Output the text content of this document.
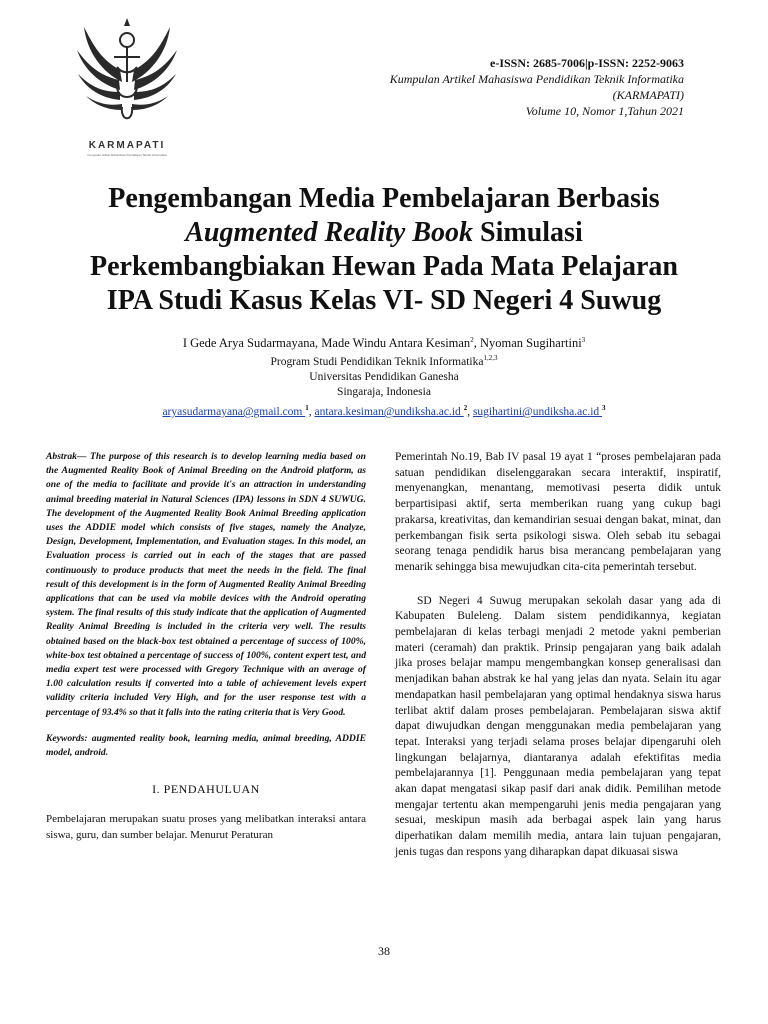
KARMAPATI
Kumpulan Artikel Mahasiswa Pendidikan Teknik Informatika
e-ISSN: 2685-7006|p-ISSN: 2252-9063
Kumpulan Artikel Mahasiswa Pendidikan Teknik Informatika
(KARMAPATI)
Volume 10, Nomor 1,Tahun 2021
Pengembangan Media Pembelajaran Berbasis
Augmented Reality Book Simulasi
Perkembangbiakan Hewan Pada Mata Pelajaran
IPA Studi Kasus Kelas VI- SD Negeri 4 Suwug
I Gede Arya Sudarmayana, Made Windu Antara Kesiman$^2$, Nyoman Sugihartini$^3$
Program Studi Pendidikan Teknik Informatika$^{1,2,3}$
Universitas Pendidikan Ganesha
Singaraja, Indonesia
aryasudarmayana@gmail.com $^1$, antara.kesiman@undiksha.ac.id $^2$, sugihartini@undiksha.ac.id $^3$

Abstrak— The purpose of this research is to develop learning media based on the Augmented Reality Book of Animal Breeding on the Android platform, as one of the media to facilitate and provide it's an attraction in understanding animal breeding material in Natural Sciences (IPA) lessons in SDN 4 SUWUG. The development of the Augmented Reality Book Animal Breeding application uses the ADDIE model which consists of five stages, namely the Analyze, Design, Development, Implementation, and Evaluation stages. In this model, an Evaluation process is carried out in each of the stages that are passed continuously to produce products that meet the needs in the field. The final result of this development is in the form of Augmented Reality Animal Breeding applications that can be used via mobile devices with the Android operating system. The final results of this study indicate that the application of Augmented Reality Animal Breeding is included in the criteria very well. The results obtained based on the black-box test obtained a percentage of success of 100%, white-box test obtained a percentage of success of 100%, content expert test, and media expert test were processed with Gregory Technique with an average of 1.00 calculation results if converted into a table of achievement levels expert validity criteria included Very High, and for the user response test with a percentage of 93.4% so that it falls into the rating criteria that is Very Good.

Keywords: augmented reality book, learning media, animal breeding, ADDIE model, android.

I. PENDAHULUAN

Pembelajaran merupakan suatu proses yang melibatkan interaksi antara siswa, guru, dan sumber belajar. Menurut Peraturan

Pemerintah No.19, Bab IV pasal 19 ayat 1 “proses pembelajaran pada satuan pendidikan diselenggarakan secara interaktif, inspiratif, menyenangkan, menantang, memotivasi peserta didik untuk berpartisipasi aktif, serta memberikan ruang yang cukup bagi prakarsa, kreativitas, dan kemandirian sesuai dengan bakat, minat, dan perkembangan fisik serta psikologi siswa. Oleh sebab itu sebagai seorang tenaga pendidik harus bisa merancang pembelajaran yang menarik sehingga bisa mewujudkan cita-cita pemerintah tersebut.

SD Negeri 4 Suwug merupakan sekolah dasar yang ada di Kabupaten Buleleng. Dalam sistem pendidikannya, kegiatan pembelajaran di kelas terbagi menjadi 2 metode yakni pemberian materi (ceramah) dan praktik. Prinsip pengajaran yang baik adalah jika proses belajar mampu mengembangkan konsep generalisasi dan menjadikan bahan abstrak ke hal yang jelas dan nyata. Selain itu agar mendapatkan hasil pembelajaran yang optimal hendaknya siswa harus terlibat aktif dalam proses pembelajaran. Pembelajaran siswa aktif dapat diwujudkan dengan menggunakan media pembelajaran yang tepat. Interaksi yang terjadi selama proses belajar dipengaruhi oleh lingkungan belajarnya, diantaranya adalah efektifitas media pembelajarannya [1]. Penggunaan media pembelajaran yang tepat akan dapat mengatasi sikap pasif dari anak didik. Pemilihan metode mengajar tertentu akan mempengaruhi jenis media pengajaran yang sesuai, meskipun masih ada berbagai aspek lain yang harus diperhatikan dalam memilih media, antara lain tujuan pengajaran, jenis tugas dan respons yang diharapkan dapat dikuasai siswa

38
